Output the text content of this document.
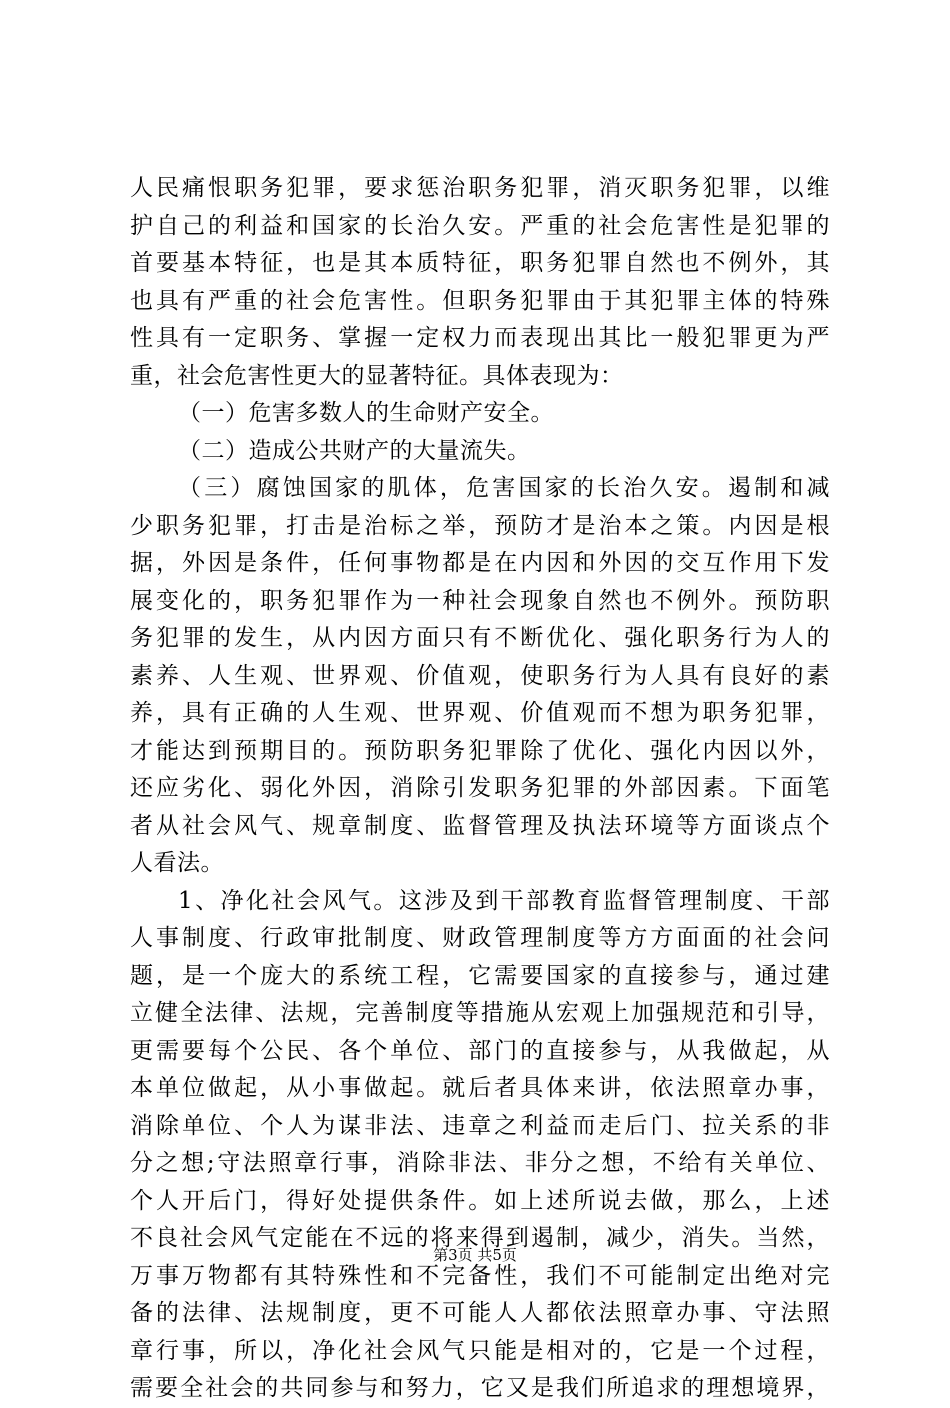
人民痛恨职务犯罪，要求惩治职务犯罪，消灭职务犯罪，以维
护自己的利益和国家的长治久安。严重的社会危害性是犯罪的
首要基本特征，也是其本质特征，职务犯罪自然也不例外，其
也具有严重的社会危害性。但职务犯罪由于其犯罪主体的特殊
性具有一定职务、掌握一定权力而表现出其比一般犯罪更为严
重，社会危害性更大的显著特征。具体表现为：
（一）危害多数人的生命财产安全。
（二）造成公共财产的大量流失。
（三）腐蚀国家的肌体，危害国家的长治久安。遏制和减
少职务犯罪，打击是治标之举，预防才是治本之策。内因是根
据，外因是条件，任何事物都是在内因和外因的交互作用下发
展变化的，职务犯罪作为一种社会现象自然也不例外。预防职
务犯罪的发生，从内因方面只有不断优化、强化职务行为人的
素养、人生观、世界观、价值观，使职务行为人具有良好的素
养，具有正确的人生观、世界观、价值观而不想为职务犯罪，
才能达到预期目的。预防职务犯罪除了优化、强化内因以外，
还应劣化、弱化外因，消除引发职务犯罪的外部因素。下面笔
者从社会风气、规章制度、监督管理及执法环境等方面谈点个
人看法。
1、净化社会风气。这涉及到干部教育监督管理制度、干部
人事制度、行政审批制度、财政管理制度等方方面面的社会问
题，是一个庞大的系统工程，它需要国家的直接参与，通过建
立健全法律、法规，完善制度等措施从宏观上加强规范和引导，
更需要每个公民、各个单位、部门的直接参与，从我做起，从
本单位做起，从小事做起。就后者具体来讲，依法照章办事，
消除单位、个人为谋非法、违章之利益而走后门、拉关系的非
分之想;守法照章行事，消除非法、非分之想，不给有关单位、
个人开后门，得好处提供条件。如上述所说去做，那么，上述
不良社会风气定能在不远的将来得到遏制，减少，消失。当然，
万事万物都有其特殊性和不完备性，我们不可能制定出绝对完
备的法律、法规制度，更不可能人人都依法照章办事、守法照
章行事，所以，净化社会风气只能是相对的，它是一个过程，
需要全社会的共同参与和努力，它又是我们所追求的理想境界，
第3页 共5页
